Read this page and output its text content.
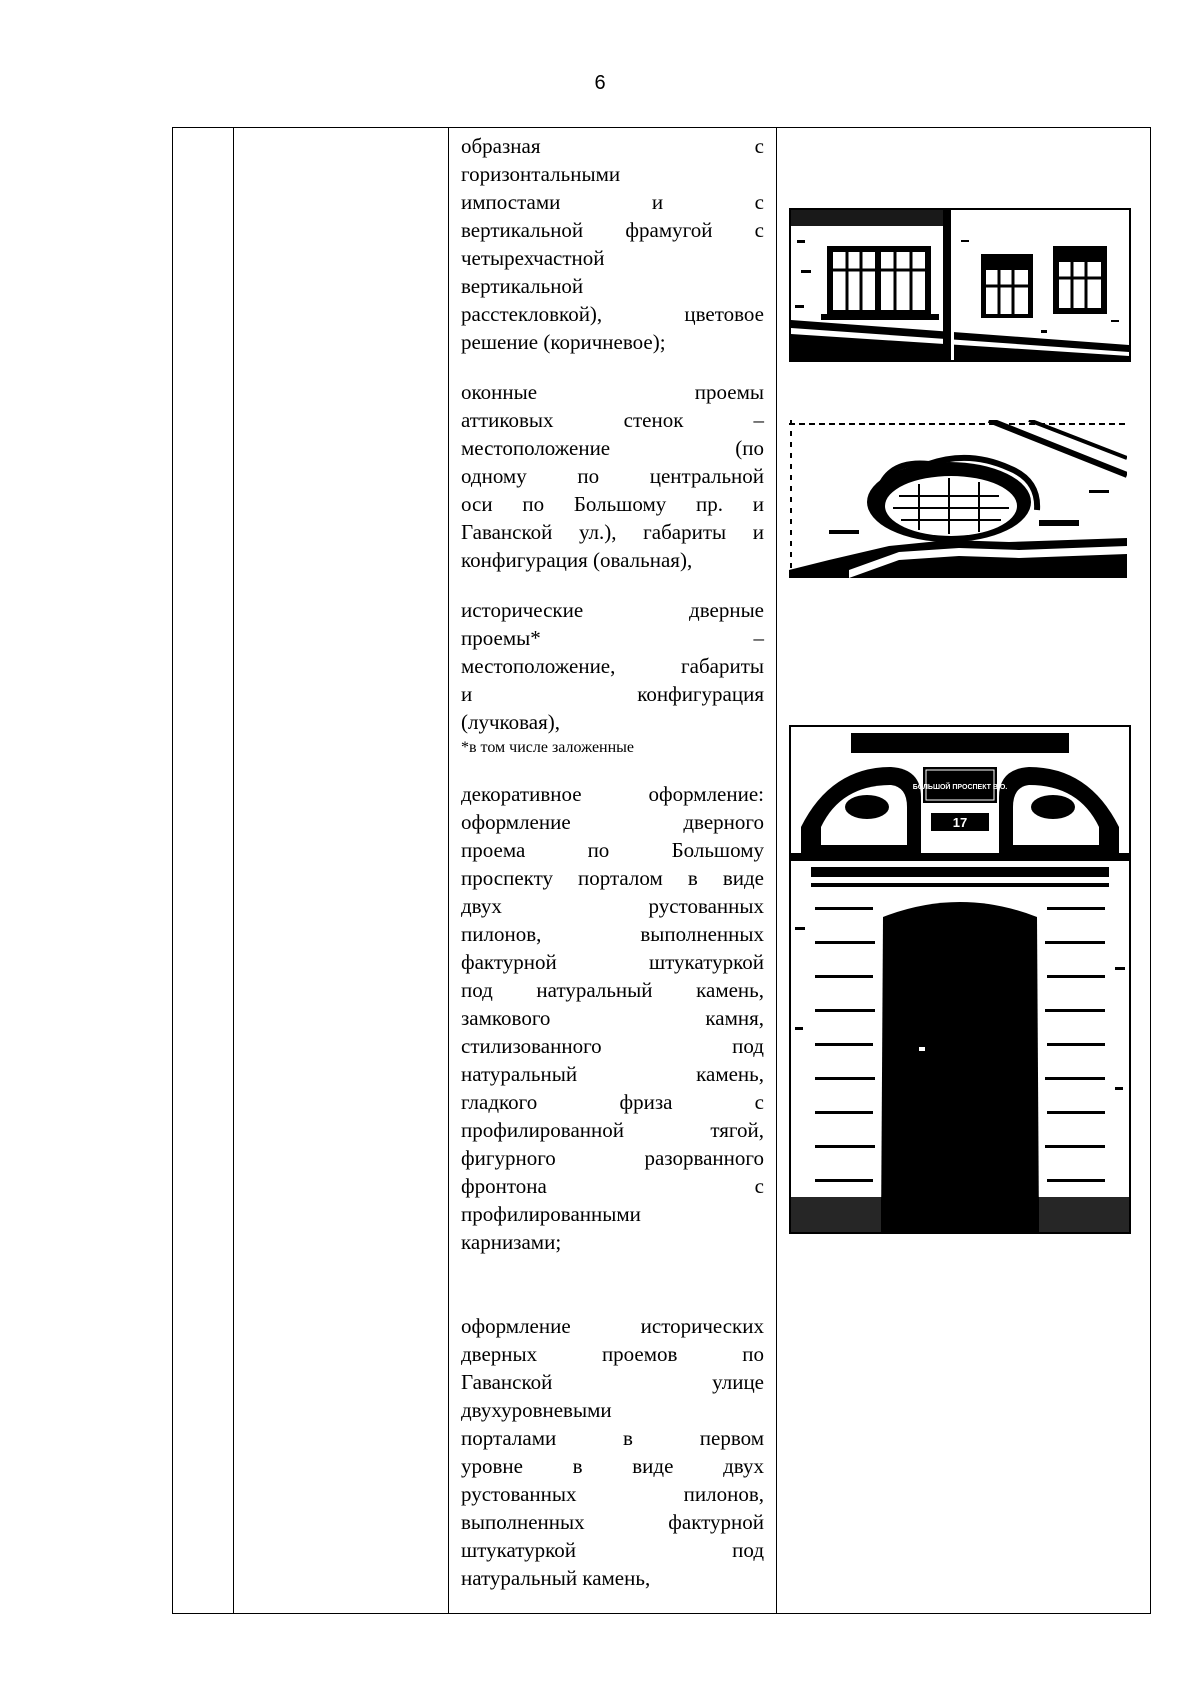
6

образная с
горизонтальными
импостами и с
вертикальной фрамугой с
четырехчастной
вертикальной
расстекловкой), цветовое
решение (коричневое);
оконные проемы
аттиковых стенок –
местоположение (по
одному по центральной
оси по Большому пр. и
Гаванской ул.), габариты и
конфигурация (овальная),
исторические дверные
проемы* –
местоположение, габариты
и конфигурация
(лучковая),
*в том числе заложенные
декоративное оформление:
оформление дверного
проема по Большому
проспекту порталом в виде
двух рустованных
пилонов, выполненных
фактурной штукатуркой
под натуральный камень,
замкового камня,
стилизованного под
натуральный камень,
гладкого фриза с
профилированной тягой,
фигурного разорванного
фронтона с
профилированными
карнизами;
оформление исторических
дверных проемов по
Гаванской улице
двухуровневыми
порталами в первом
уровне в виде двух
рустованных пилонов,
выполненных фактурной
штукатуркой под
натуральный камень,

БОЛЬШОЙ ПРОСПЕКТ В.О.
17
